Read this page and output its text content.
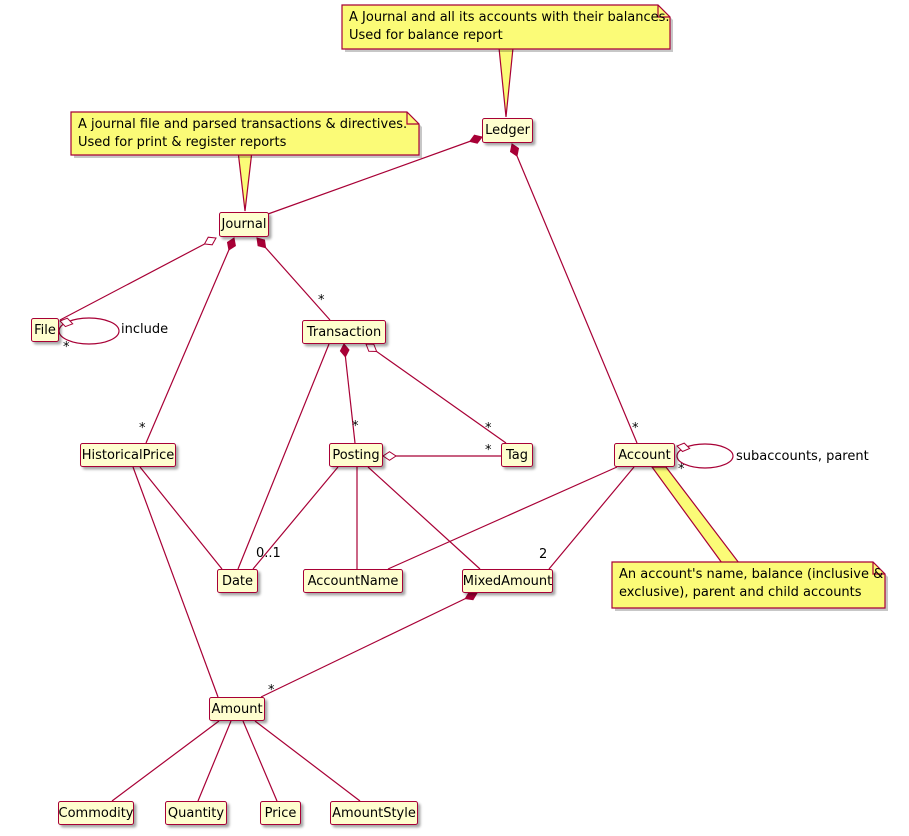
Ledger
Journal
File	Transaction
HistoricalPrice	Posting	Tag	Account
Date	AccountName	MixedAmount
Amount
Commodity	Quantity	Price	AmountStyle
include
subaccounts, parent
*
*
*
*
*	*	*
*
0..1	2
*
A Journal and all its accounts with their balances.
Used for balance report
A journal file and parsed transactions & directives.
Used for print & register reports
An account's name, balance (inclusive &
exclusive), parent and child accounts
